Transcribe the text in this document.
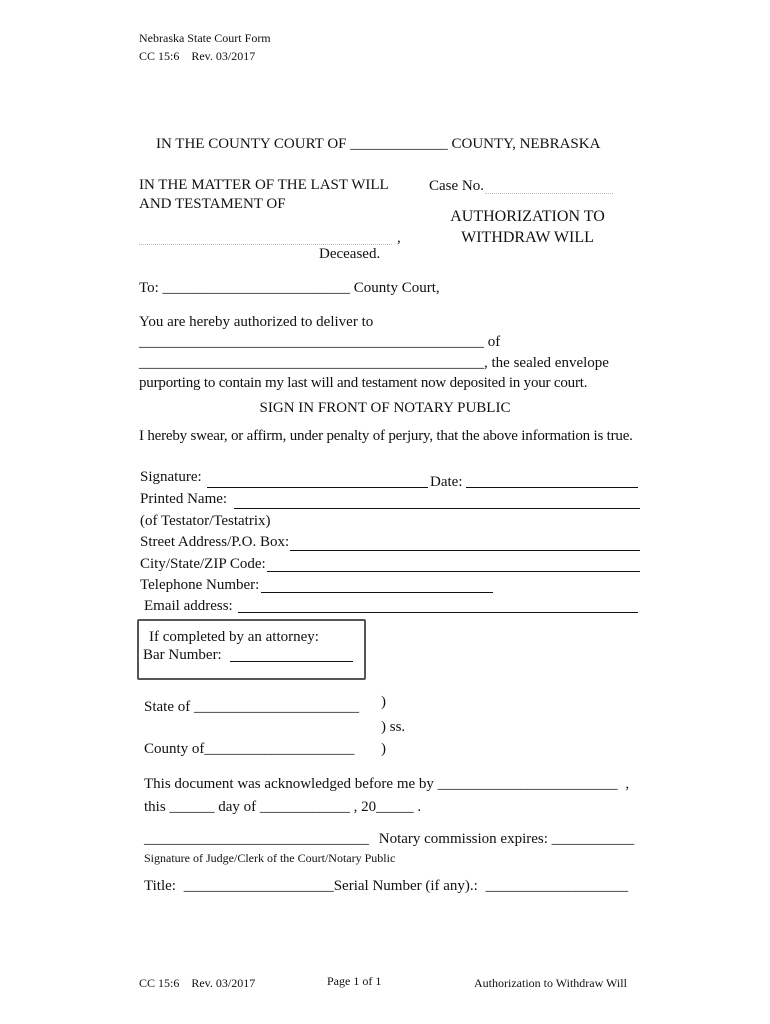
Nebraska State Court Form
CC 15:6    Rev. 03/2017
IN THE COUNTY COURT OF _____________ COUNTY, NEBRASKA
IN THE MATTER OF THE LAST WILL
AND TESTAMENT OF
,
Deceased.
Case No.
AUTHORIZATION TO
WITHDRAW WILL
To: _________________________ County Court,
You are hereby authorized to deliver to
______________________________________________ of
______________________________________________, the sealed envelope
purporting to contain my last will and testament now deposited in your court.
SIGN IN FRONT OF NOTARY PUBLIC
I hereby swear, or affirm, under penalty of perjury, that the above information is true.
Signature:	Date:
Printed Name:
(of Testator/Testatrix)
Street Address/P.O. Box:
City/State/ZIP Code:
Telephone Number:
Email address:
If completed by an attorney:
Bar Number:
State of ______________________ )
) ss.
County of____________________ )
This document was acknowledged before me by ________________________ ,
this ______ day of ____________ , 20_____ .
______________________________ Notary commission expires: ___________
Signature of Judge/Clerk of the Court/Notary Public
Title: ____________________Serial Number (if any).: ___________________
CC 15:6    Rev. 03/2017	Page 1 of 1	Authorization to Withdraw Will
